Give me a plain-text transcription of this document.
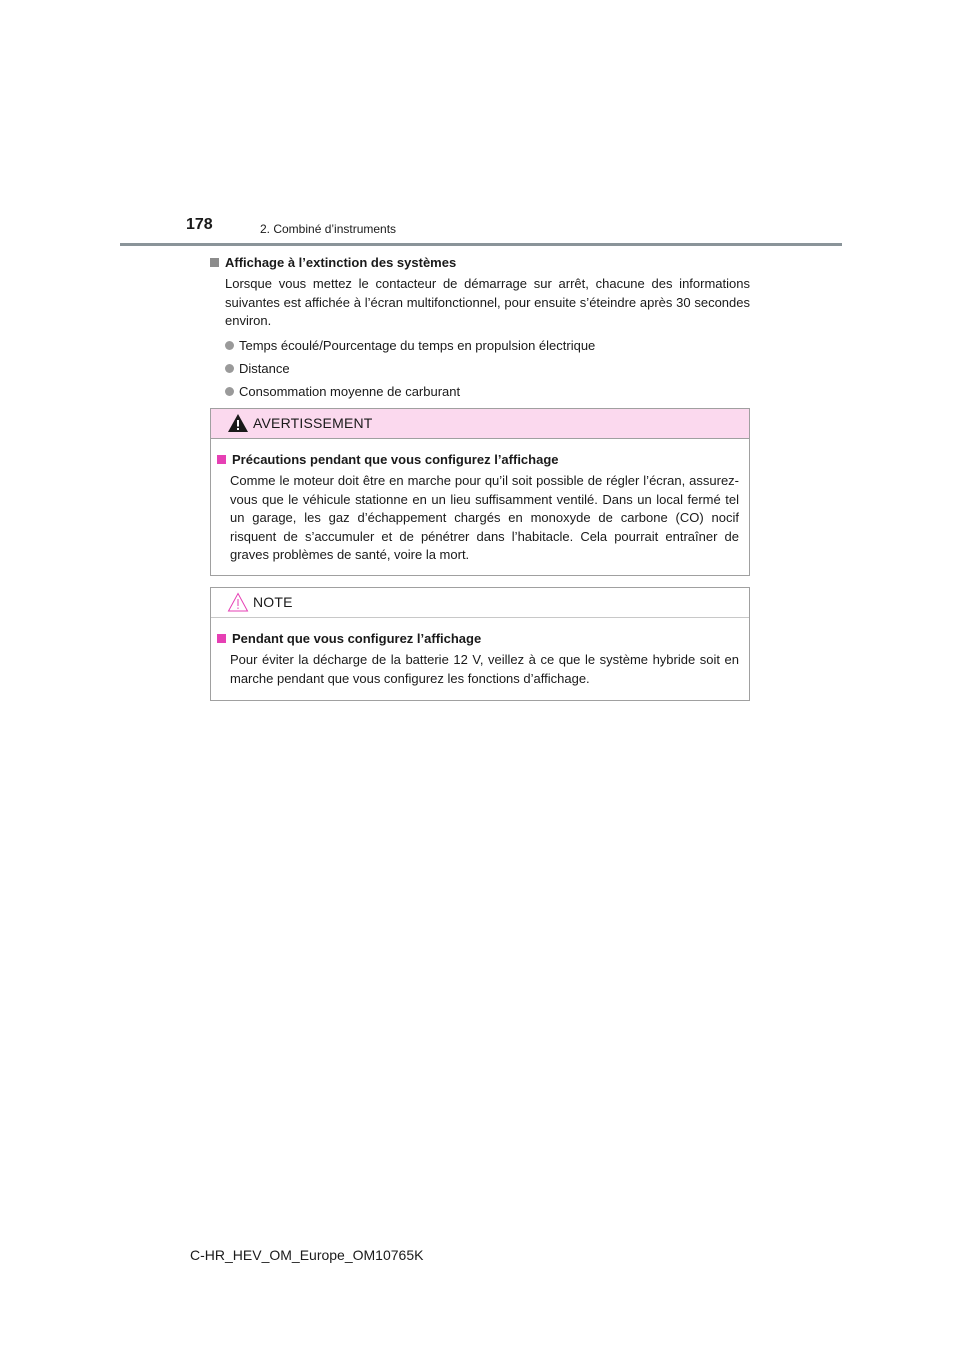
178	2. Combiné d’instruments
Affichage à l’extinction des systèmes

Lorsque vous mettez le contacteur de démarrage sur arrêt, chacune des informations suivantes est affichée à l’écran multifonctionnel, pour ensuite s’éteindre après 30 secondes environ.

Temps écoulé/Pourcentage du temps en propulsion électrique
Distance
Consommation moyenne de carburant
AVERTISSEMENT
Précautions pendant que vous configurez l’affichage

Comme le moteur doit être en marche pour qu’il soit possible de régler l’écran, assurez-vous que le véhicule stationne en un lieu suffisamment ventilé. Dans un local fermé tel un garage, les gaz d’échappement chargés en monoxyde de carbone (CO) nocif risquent de s’accumuler et de pénétrer dans l’habitacle. Cela pourrait entraîner de graves problèmes de santé, voire la mort.

NOTE
Pendant que vous configurez l’affichage

Pour éviter la décharge de la batterie 12 V, veillez à ce que le système hybride soit en marche pendant que vous configurez les fonctions d’affichage.

C-HR_HEV_OM_Europe_OM10765K
